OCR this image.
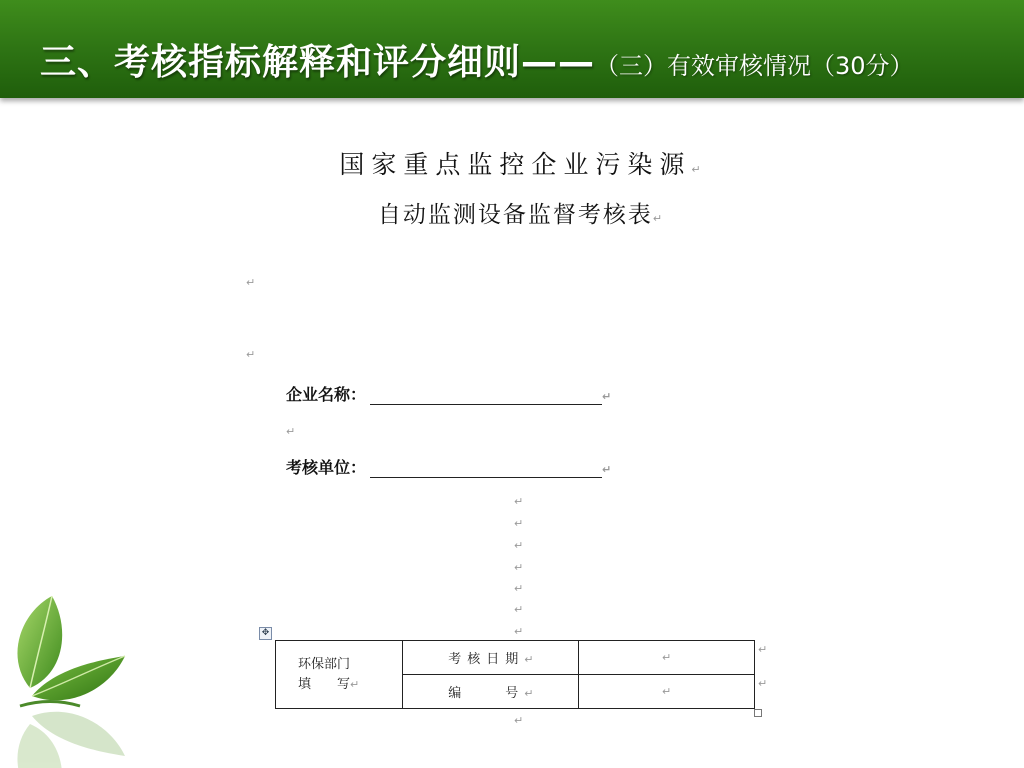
三、考核指标解释和评分细则——（三）有效审核情况（30分）
国家重点监控企业污染源↵
自动监测设备监督考核表↵
↵
↵
企业名称：	↵
↵
考核单位：	↵
↵
↵
↵
↵
↵
↵
↵
✥
环保部门
填　　写↵	考核日期↵	↵
	编　　号↵	↵
↵
↵
↵
